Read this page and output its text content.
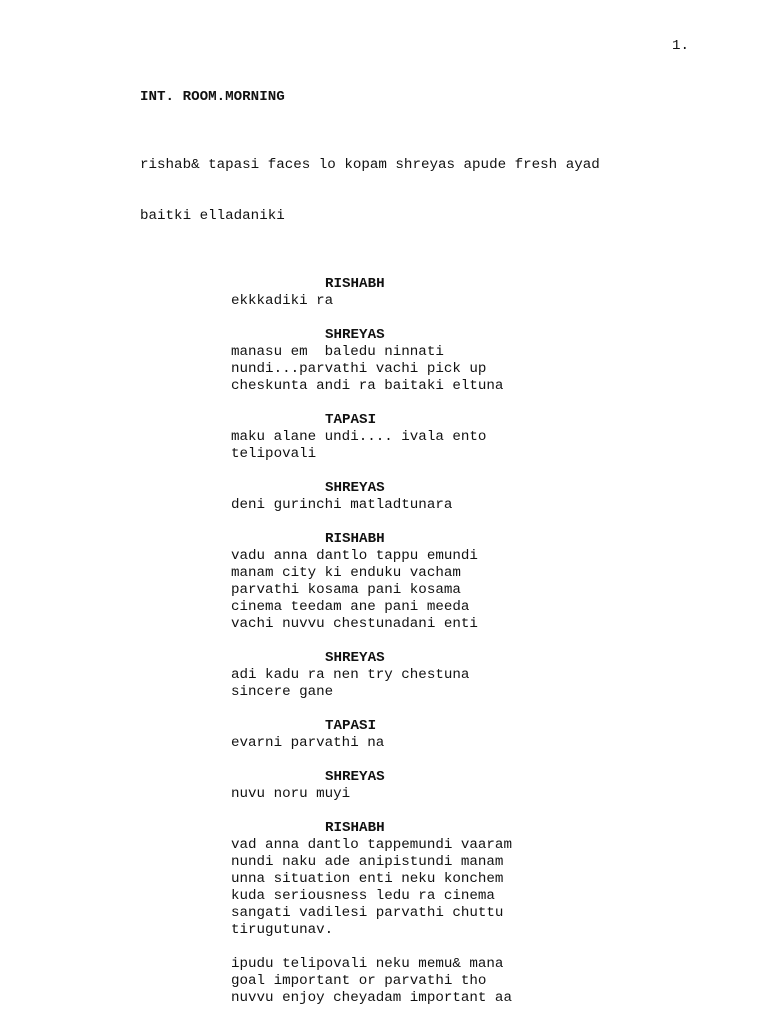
1.
INT. ROOM.MORNING

rishab& tapasi faces lo kopam shreyas apude fresh ayad

baitki elladaniki

RISHABH
ekkkadiki ra
SHREYAS
manasu em  baledu ninnati
nundi...parvathi vachi pick up
cheskunta andi ra baitaki eltuna
TAPASI
maku alane undi.... ivala ento
telipovali
SHREYAS
deni gurinchi matladtunara
RISHABH
vadu anna dantlo tappu emundi
manam city ki enduku vacham
parvathi kosama pani kosama
cinema teedam ane pani meeda
vachi nuvvu chestunadani enti
SHREYAS
adi kadu ra nen try chestuna
sincere gane
TAPASI
evarni parvathi na
SHREYAS
nuvu noru muyi
RISHABH
vad anna dantlo tappemundi vaaram
nundi naku ade anipistundi manam
unna situation enti neku konchem
kuda seriousness ledu ra cinema
sangati vadilesi parvathi chuttu
tirugutunav.
ipudu telipovali neku memu& mana
goal important or parvathi tho
nuvvu enjoy cheyadam important aa
